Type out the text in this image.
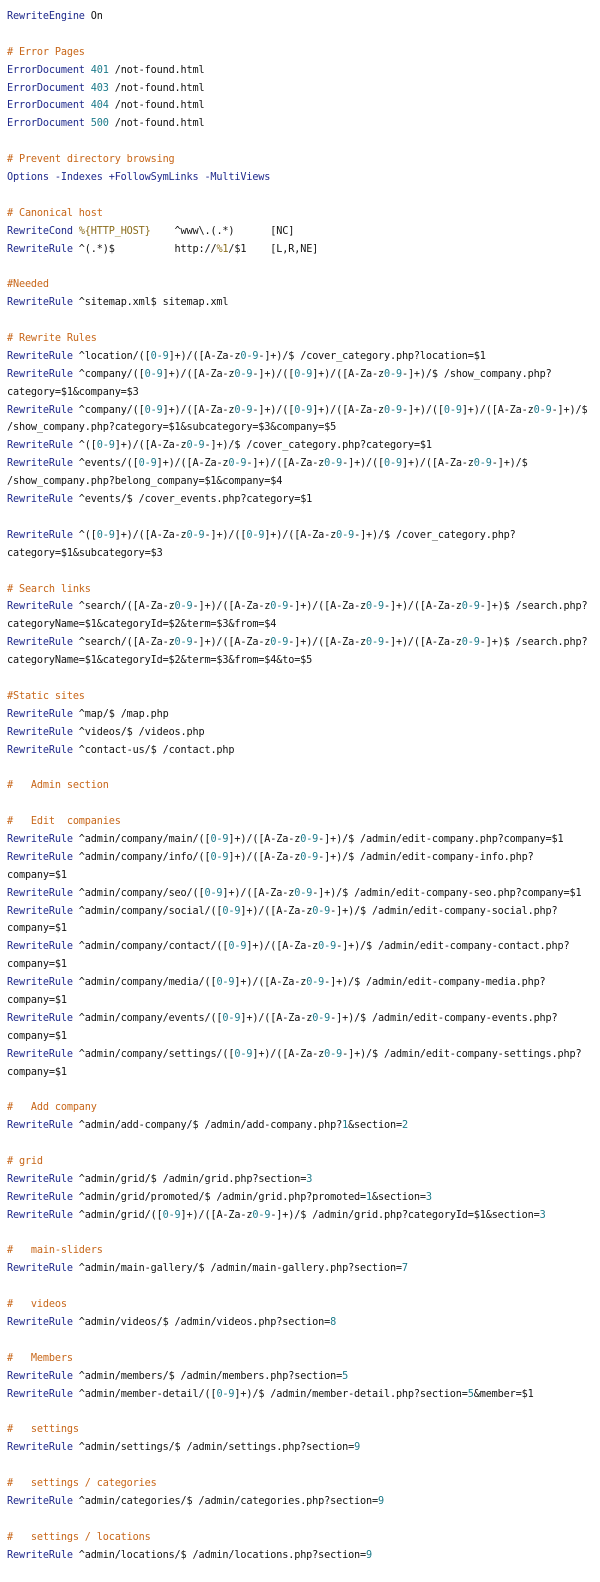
RewriteEngine On

# Error Pages
ErrorDocument 401 /not-found.html
ErrorDocument 403 /not-found.html
ErrorDocument 404 /not-found.html
ErrorDocument 500 /not-found.html

# Prevent directory browsing
Options -Indexes +FollowSymLinks -MultiViews

# Canonical host
RewriteCond %{HTTP_HOST}    ^www\.(.*)      [NC]
RewriteRule ^(.*)$          http://%1/$1    [L,R,NE]

#Needed
RewriteRule ^sitemap.xml$ sitemap.xml

# Rewrite Rules
RewriteRule ^location/([0-9]+)/([A-Za-z0-9-]+)/$ /cover_category.php?location=$1
RewriteRule ^company/([0-9]+)/([A-Za-z0-9-]+)/([0-9]+)/([A-Za-z0-9-]+)/$ /show_company.php?
category=$1&company=$3
RewriteRule ^company/([0-9]+)/([A-Za-z0-9-]+)/([0-9]+)/([A-Za-z0-9-]+)/([0-9]+)/([A-Za-z0-9-]+)/$
/show_company.php?category=$1&subcategory=$3&company=$5
RewriteRule ^([0-9]+)/([A-Za-z0-9-]+)/$ /cover_category.php?category=$1
RewriteRule ^events/([0-9]+)/([A-Za-z0-9-]+)/([A-Za-z0-9-]+)/([0-9]+)/([A-Za-z0-9-]+)/$
/show_company.php?belong_company=$1&company=$4
RewriteRule ^events/$ /cover_events.php?category=$1

RewriteRule ^([0-9]+)/([A-Za-z0-9-]+)/([0-9]+)/([A-Za-z0-9-]+)/$ /cover_category.php?
category=$1&subcategory=$3

# Search links
RewriteRule ^search/([A-Za-z0-9-]+)/([A-Za-z0-9-]+)/([A-Za-z0-9-]+)/([A-Za-z0-9-]+)$ /search.php?
categoryName=$1&categoryId=$2&term=$3&from=$4
RewriteRule ^search/([A-Za-z0-9-]+)/([A-Za-z0-9-]+)/([A-Za-z0-9-]+)/([A-Za-z0-9-]+)$ /search.php?
categoryName=$1&categoryId=$2&term=$3&from=$4&to=$5

#Static sites
RewriteRule ^map/$ /map.php
RewriteRule ^videos/$ /videos.php
RewriteRule ^contact-us/$ /contact.php

#   Admin section

#   Edit  companies
RewriteRule ^admin/company/main/([0-9]+)/([A-Za-z0-9-]+)/$ /admin/edit-company.php?company=$1
RewriteRule ^admin/company/info/([0-9]+)/([A-Za-z0-9-]+)/$ /admin/edit-company-info.php?
company=$1
RewriteRule ^admin/company/seo/([0-9]+)/([A-Za-z0-9-]+)/$ /admin/edit-company-seo.php?company=$1
RewriteRule ^admin/company/social/([0-9]+)/([A-Za-z0-9-]+)/$ /admin/edit-company-social.php?
company=$1
RewriteRule ^admin/company/contact/([0-9]+)/([A-Za-z0-9-]+)/$ /admin/edit-company-contact.php?
company=$1
RewriteRule ^admin/company/media/([0-9]+)/([A-Za-z0-9-]+)/$ /admin/edit-company-media.php?
company=$1
RewriteRule ^admin/company/events/([0-9]+)/([A-Za-z0-9-]+)/$ /admin/edit-company-events.php?
company=$1
RewriteRule ^admin/company/settings/([0-9]+)/([A-Za-z0-9-]+)/$ /admin/edit-company-settings.php?
company=$1

#   Add company
RewriteRule ^admin/add-company/$ /admin/add-company.php?1&section=2

# grid
RewriteRule ^admin/grid/$ /admin/grid.php?section=3
RewriteRule ^admin/grid/promoted/$ /admin/grid.php?promoted=1&section=3
RewriteRule ^admin/grid/([0-9]+)/([A-Za-z0-9-]+)/$ /admin/grid.php?categoryId=$1&section=3

#   main-sliders
RewriteRule ^admin/main-gallery/$ /admin/main-gallery.php?section=7

#   videos
RewriteRule ^admin/videos/$ /admin/videos.php?section=8

#   Members
RewriteRule ^admin/members/$ /admin/members.php?section=5
RewriteRule ^admin/member-detail/([0-9]+)/$ /admin/member-detail.php?section=5&member=$1

#   settings
RewriteRule ^admin/settings/$ /admin/settings.php?section=9

#   settings / categories
RewriteRule ^admin/categories/$ /admin/categories.php?section=9

#   settings / locations
RewriteRule ^admin/locations/$ /admin/locations.php?section=9
